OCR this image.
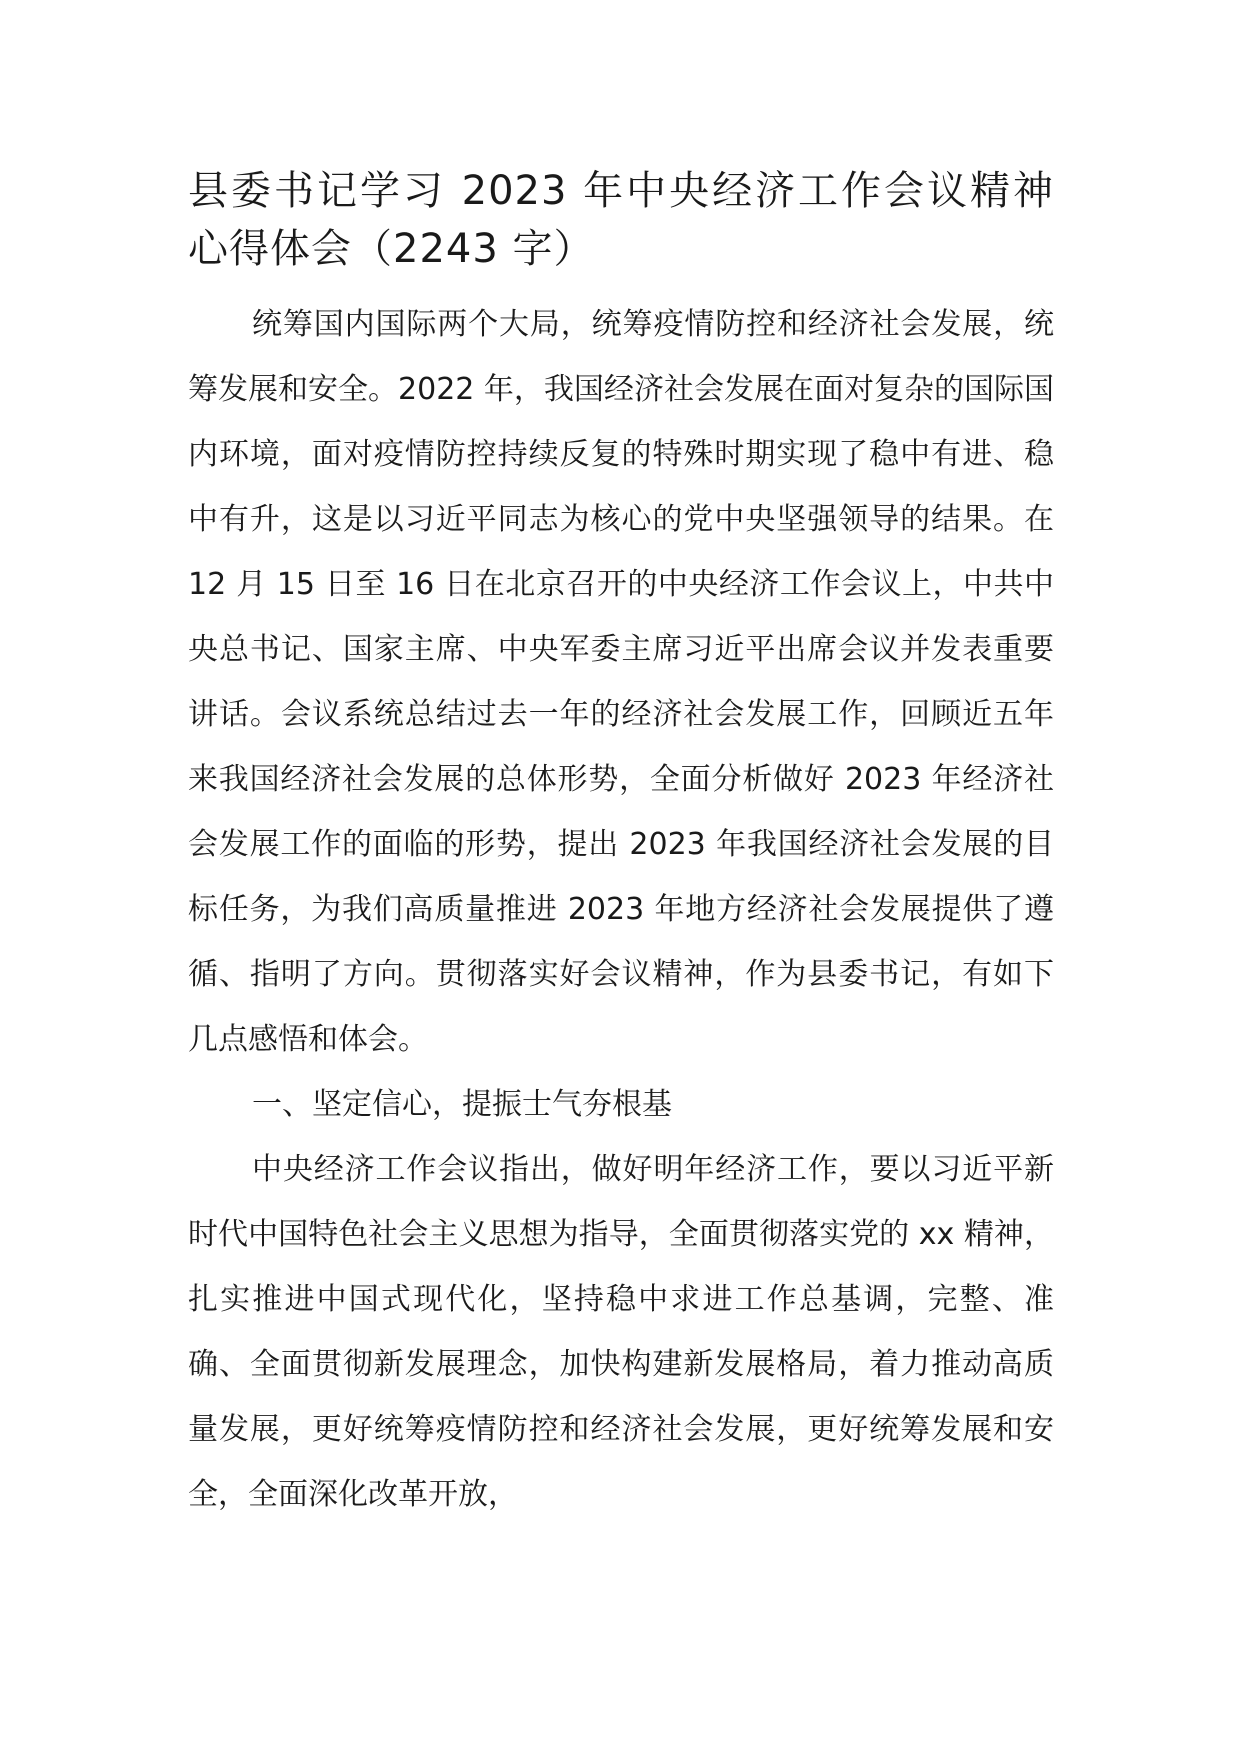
县委书记学习 2023 年中央经济工作会议精神心得体会（2243 字）

统筹国内国际两个大局，统筹疫情防控和经济社会发展，统筹发展和安全。2022 年，我国经济社会发展在面对复杂的国际国内环境，面对疫情防控持续反复的特殊时期实现了稳中有进、稳中有升，这是以习近平同志为核心的党中央坚强领导的结果。在 12 月 15 日至 16 日在北京召开的中央经济工作会议上，中共中央总书记、国家主席、中央军委主席习近平出席会议并发表重要讲话。会议系统总结过去一年的经济社会发展工作，回顾近五年来我国经济社会发展的总体形势，全面分析做好 2023 年经济社会发展工作的面临的形势，提出 2023 年我国经济社会发展的目标任务，为我们高质量推进 2023 年地方经济社会发展提供了遵循、指明了方向。贯彻落实好会议精神，作为县委书记，有如下几点感悟和体会。

一、坚定信心，提振士气夯根基

中央经济工作会议指出，做好明年经济工作，要以习近平新时代中国特色社会主义思想为指导，全面贯彻落实党的 xx 精神，扎实推进中国式现代化，坚持稳中求进工作总基调，完整、准确、全面贯彻新发展理念，加快构建新发展格局，着力推动高质量发展，更好统筹疫情防控和经济社会发展，更好统筹发展和安全，全面深化改革开放，
